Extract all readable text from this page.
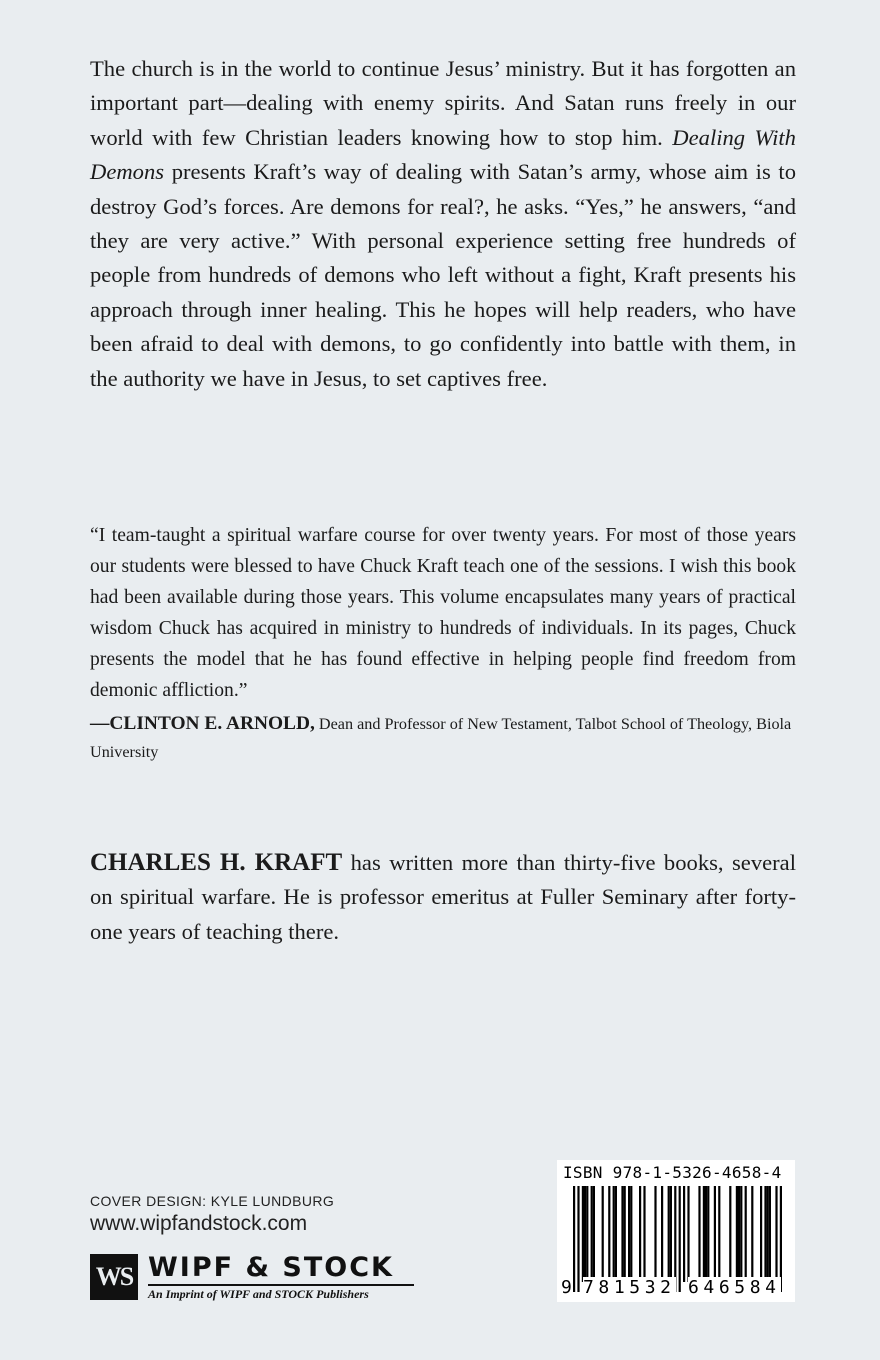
The church is in the world to continue Jesus’ ministry. But it has forgotten an important part—dealing with enemy spirits. And Satan runs freely in our world with few Christian leaders knowing how to stop him. Dealing With Demons presents Kraft’s way of dealing with Satan’s army, whose aim is to destroy God’s forces. Are demons for real?, he asks. “Yes,” he answers, “and they are very active.” With personal experience setting free hundreds of people from hundreds of demons who left without a fight, Kraft presents his approach through inner healing. This he hopes will help readers, who have been afraid to deal with demons, to go confidently into battle with them, in the authority we have in Jesus, to set captives free.

“I team-taught a spiritual warfare course for over twenty years. For most of those years our students were blessed to have Chuck Kraft teach one of the sessions. I wish this book had been available during those years. This volume encapsulates many years of practical wisdom Chuck has acquired in ministry to hundreds of individuals. In its pages, Chuck presents the model that he has found effective in helping people find freedom from demonic affliction.”

—CLINTON E. ARNOLD, Dean and Professor of New Testament, Talbot School of Theology, Biola University

CHARLES H. KRAFT has written more than thirty-five books, several on spiritual warfare. He is professor emeritus at Fuller Seminary after forty-one years of teaching there.

COVER DESIGN: KYLE LUNDBURG
www.wipfandstock.com
WS WIPF & STOCK
An Imprint of WIPF and STOCK Publishers
ISBN 978-1-5326-4658-4
9 781532 646584
